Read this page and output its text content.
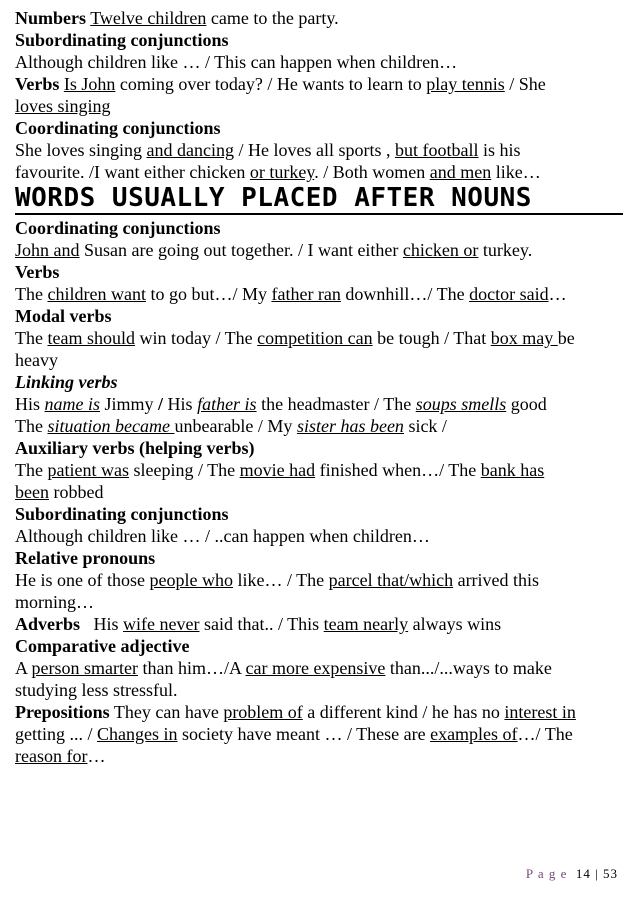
Numbers Twelve children came to the party.
Subordinating conjunctions
Although children like … / This can happen when children…
Verbs Is John coming over today? / He wants to learn to play tennis / She
loves singing
Coordinating conjunctions
She loves singing and dancing / He loves all sports , but football is his
favourite. /I want either chicken or turkey. / Both women and men like…
WORDS USUALLY PLACED AFTER NOUNS
Coordinating conjunctions
John and Susan are going out together. / I want either chicken or turkey.
Verbs
The children want to go but…/ My father ran downhill…/ The doctor said…
Modal verbs
The team should win today / The competition can be tough / That box may be
heavy
Linking verbs
His name is Jimmy / His father is the headmaster / The soups smells good
The situation became unbearable / My sister has been sick /
Auxiliary verbs (helping verbs)
The patient was sleeping / The movie had finished when…/ The bank has
been robbed
Subordinating conjunctions
Although children like … / ..can happen when children…
Relative pronouns
He is one of those people who like… / The parcel that/which arrived this
morning…
Adverbs   His wife never said that.. / This team nearly always wins
Comparative adjective
A person smarter than him…/A car more expensive than.../...ways to make
studying less stressful.
Prepositions They can have problem of a different kind / he has no interest in
getting ... / Changes in society have meant … / These are examples of…/ The
reason for…
P a g e  14 | 53
